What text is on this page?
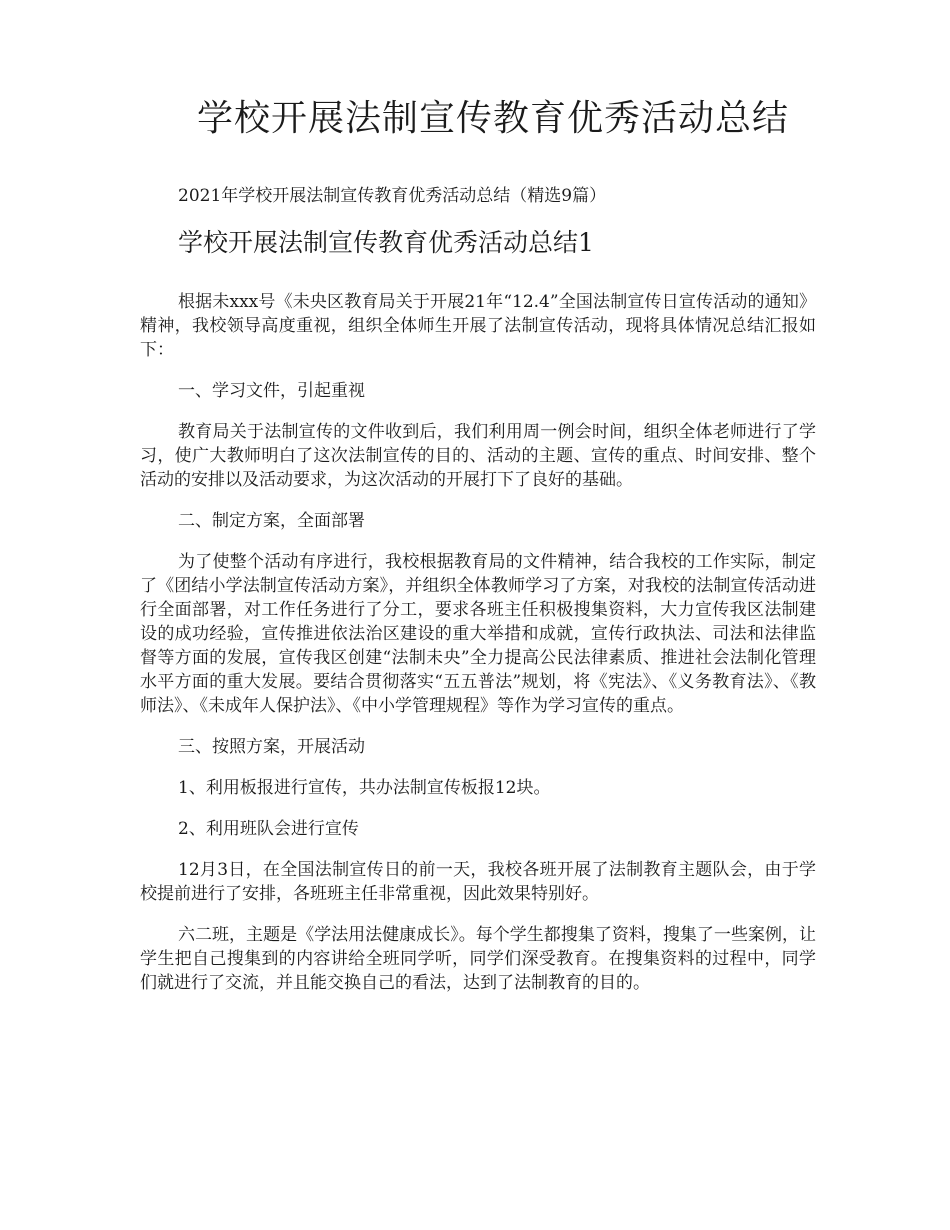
学校开展法制宣传教育优秀活动总结
2021年学校开展法制宣传教育优秀活动总结（精选9篇）
学校开展法制宣传教育优秀活动总结1

根据未xxx号《未央区教育局关于开展21年“12.4”全国法制宣传日宣传活动的通知》精神，我校领导高度重视，组织全体师生开展了法制宣传活动，现将具体情况总结汇报如下：

一、学习文件，引起重视

教育局关于法制宣传的文件收到后，我们利用周一例会时间，组织全体老师进行了学习，使广大教师明白了这次法制宣传的目的、活动的主题、宣传的重点、时间安排、整个活动的安排以及活动要求，为这次活动的开展打下了良好的基础。

二、制定方案，全面部署

为了使整个活动有序进行，我校根据教育局的文件精神，结合我校的工作实际，制定了《团结小学法制宣传活动方案》，并组织全体教师学习了方案，对我校的法制宣传活动进行全面部署，对工作任务进行了分工，要求各班主任积极搜集资料，大力宣传我区法制建设的成功经验，宣传推进依法治区建设的重大举措和成就，宣传行政执法、司法和法律监督等方面的发展，宣传我区创建“法制未央”全力提高公民法律素质、推进社会法制化管理水平方面的重大发展。要结合贯彻落实“五五普法”规划，将《宪法》、《义务教育法》、《教师法》、《未成年人保护法》、《中小学管理规程》等作为学习宣传的重点。

三、按照方案，开展活动

1、利用板报进行宣传，共办法制宣传板报12块。

2、利用班队会进行宣传

12月3日，在全国法制宣传日的前一天，我校各班开展了法制教育主题队会，由于学校提前进行了安排，各班班主任非常重视，因此效果特别好。

六二班，主题是《学法用法健康成长》。每个学生都搜集了资料，搜集了一些案例，让学生把自己搜集到的内容讲给全班同学听，同学们深受教育。在搜集资料的过程中，同学们就进行了交流，并且能交换自己的看法，达到了法制教育的目的。
